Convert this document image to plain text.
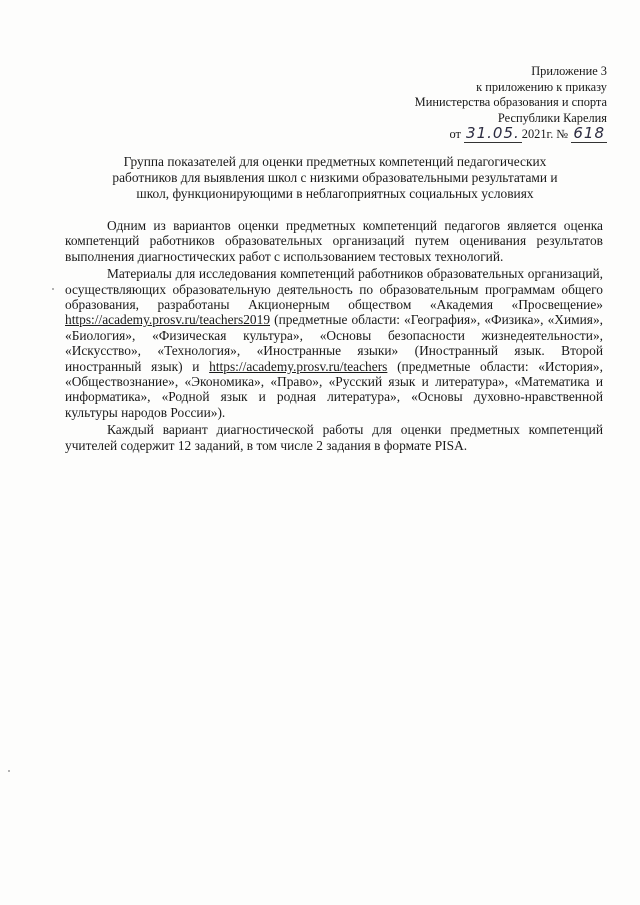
Приложение 3
к приложению к приказу
Министерства образования и спорта
Республики Карелия
от 31.05. 2021г. № 618
Группа показателей для оценки предметных компетенций педагогических
работников для выявления школ с низкими образовательными результатами и
школ, функционирующими в неблагоприятных социальных условиях

Одним из вариантов оценки предметных компетенций педагогов является оценка компетенций работников образовательных организаций путем оценивания результатов выполнения диагностических работ с использованием тестовых технологий.

Материалы для исследования компетенций работников образовательных организаций, осуществляющих образовательную деятельность по образовательным программам общего образования, разработаны Акционерным обществом «Академия «Просвещение» https://academy.prosv.ru/teachers2019 (предметные области: «География», «Физика», «Химия», «Биология», «Физическая культура», «Основы безопасности жизнедеятельности», «Искусство», «Технология», «Иностранные языки» (Иностранный язык. Второй иностранный язык) и https://academy.prosv.ru/teachers (предметные области: «История», «Обществознание», «Экономика», «Право», «Русский язык и литература», «Математика и информатика», «Родной язык и родная литература», «Основы духовно-нравственной культуры народов России»).

Каждый вариант диагностической работы для оценки предметных компетенций учителей содержит 12 заданий, в том числе 2 задания в формате PISA.
